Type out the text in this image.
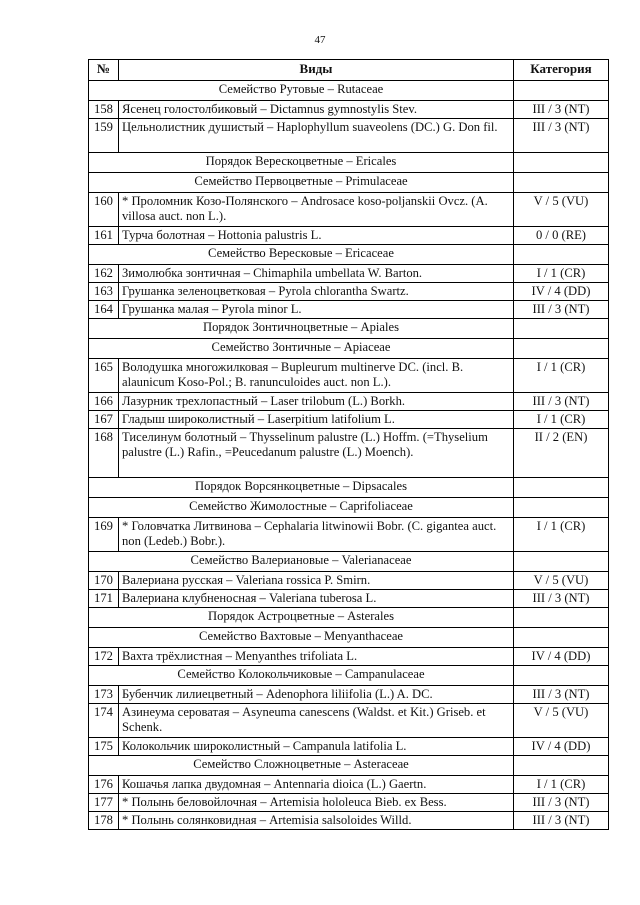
47
№	Виды	Категория
Семейство Рутовые – Rutaceae		
158	Ясенец голостолбиковый – Dictamnus gymnostylis Stev.	III / 3 (NT)
159	Цельнолистник душистый – Haplophyllum suaveolens (DC.) G. Don fil.	III / 3 (NT)
Порядок Верескоцветные – Ericales		
Семейство Первоцветные – Primulaceae		
160	* Проломник Козо-Полянского – Androsace koso-poljanskii Ovcz. (A. villosa auct. non L.).	V / 5 (VU)
161	Турча болотная – Hottonia palustris L.	0 / 0 (RE)
Семейство Вересковые – Ericaceae		
162	Зимолюбка зонтичная – Chimaphila umbellata W. Barton.	I / 1 (CR)
163	Грушанка зеленоцветковая – Pyrola chlorantha Swartz.	IV / 4 (DD)
164	Грушанка малая – Pyrola minor L.	III / 3 (NT)
Порядок Зонтичноцветные – Apiales		
Семейство Зонтичные – Apiaceae		
165	Володушка многожилковая – Bupleurum multinerve DC. (incl. B. alaunicum Koso-Pol.; B. ranunculoides auct. non L.).	I / 1 (CR)
166	Лазурник трехлопастный – Laser trilobum (L.) Borkh.	III / 3 (NT)
167	Гладыш широколистный – Laserpitium latifolium L.	I / 1 (CR)
168	Тиселинум болотный – Thysselinum palustre (L.) Hoffm. (=Thyselium palustre (L.) Rafin., =Peucedanum palustre (L.) Moench).	II / 2 (EN)
Порядок Ворсянкоцветные – Dipsacales		
Семейство Жимолостные – Caprifoliaceae		
169	* Головчатка Литвинова – Cephalaria litwinowii Bobr. (C. gigantea auct. non (Ledeb.) Bobr.).	I / 1 (CR)
Семейство Валериановые – Valerianaceae		
170	Валериана русская – Valeriana rossica P. Smirn.	V / 5 (VU)
171	Валериана клубненосная – Valeriana tuberosa L.	III / 3 (NT)
Порядок Астроцветные – Asterales		
Семейство Вахтовые – Menyanthaceae		
172	Вахта трёхлистная – Menyanthes trifoliata L.	IV / 4 (DD)
Семейство Колокольчиковые – Campanulaceae		
173	Бубенчик лилиецветный – Adenophora liliifolia (L.) A. DC.	III / 3 (NT)
174	Азинеума сероватая – Asyneuma canescens (Waldst. et Kit.) Griseb. et Schenk.	V / 5 (VU)
175	Колокольчик широколистный – Campanula latifolia L.	IV / 4 (DD)
Семейство Сложноцветные – Asteraceae		
176	Кошачья лапка двудомная – Antennaria dioica (L.) Gaertn.	I / 1 (CR)
177	* Полынь беловойлочная – Artemisia hololeuca Bieb. ex Bess.	III / 3 (NT)
178	* Полынь солянковидная – Artemisia salsoloides Willd.	III / 3 (NT)
